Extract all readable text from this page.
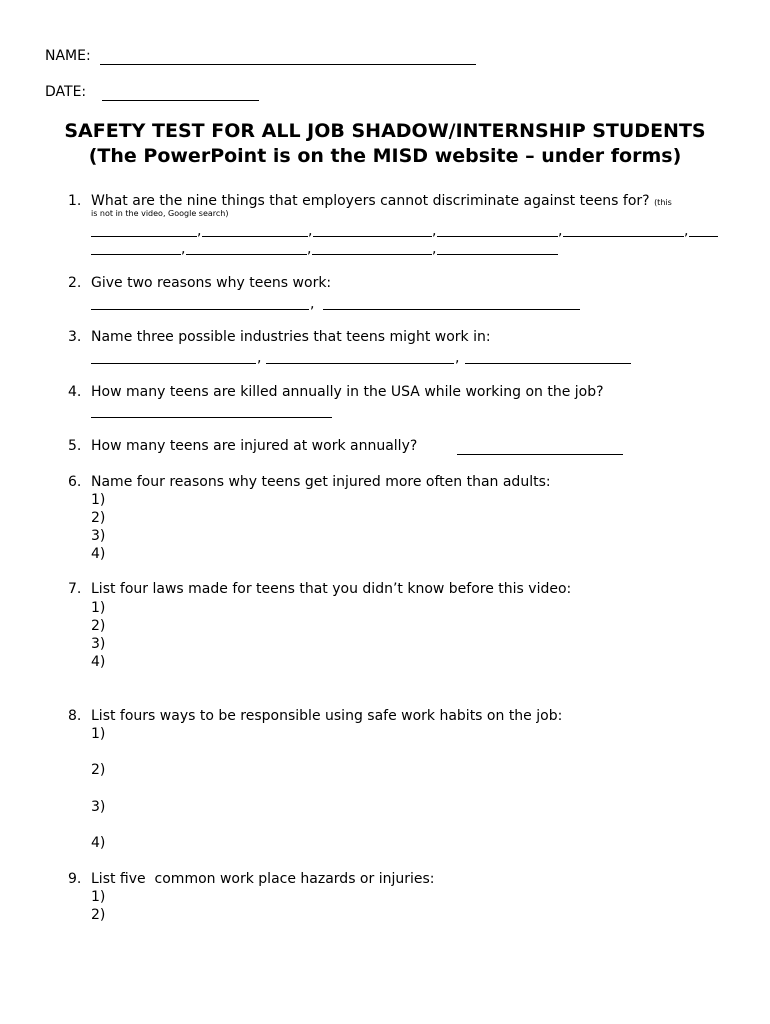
NAME:
DATE:
SAFETY TEST FOR ALL JOB SHADOW/INTERNSHIP STUDENTS
(The PowerPoint is on the MISD website – under forms)
1. What are the nine things that employers cannot discriminate against teens for? (this
is not in the video, Google search)
,	,	,	,	,
,	,	,
2. Give two reasons why teens work:
,
3. Name three possible industries that teens might work in:
,	,
4. How many teens are killed annually in the USA while working on the job?
5. How many teens are injured at work annually?
6. Name four reasons why teens get injured more often than adults:
1)
2)
3)
4)
7. List four laws made for teens that you didn’t know before this video:
1)
2)
3)
4)
8. List fours ways to be responsible using safe work habits on the job:
1)
2)
3)
4)
9. List five  common work place hazards or injuries:
1)
2)
